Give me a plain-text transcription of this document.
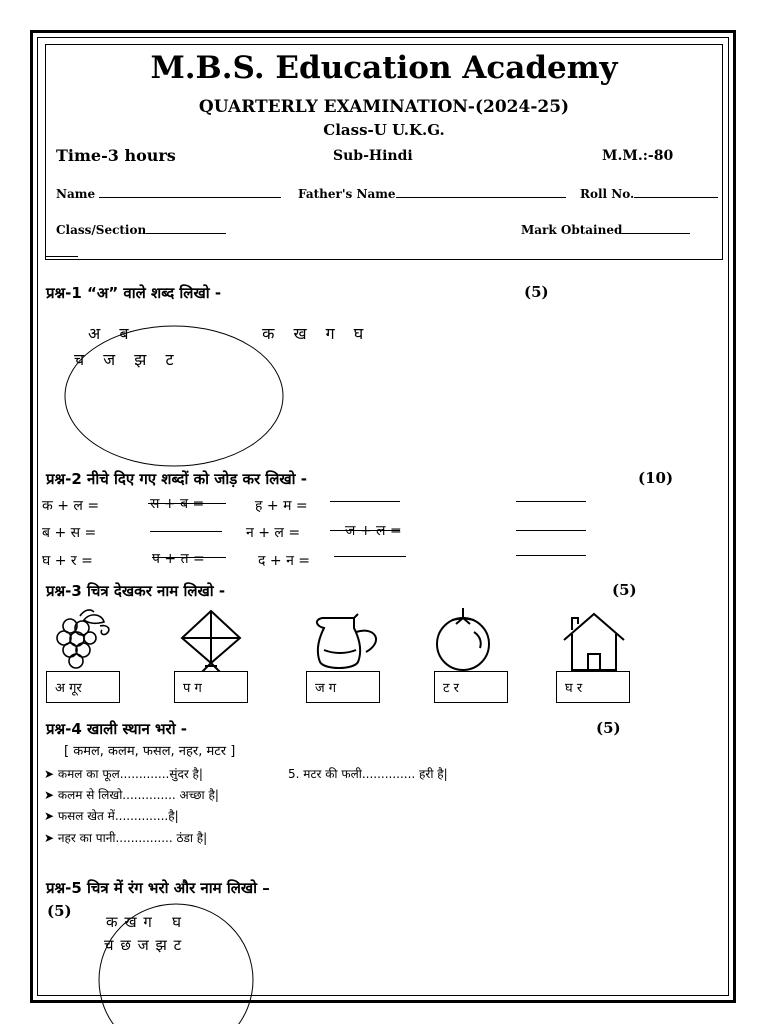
M.B.S. Education Academy
QUARTERLY EXAMINATION-(2024-25)
Class-U U.K.G.
Time-3 hours	Sub-Hindi	M.M.:-80
Name	Father's Name	Roll No.
Class/Section	Mark Obtained
प्रश्न-1 “अ” वाले शब्द लिखो -	(5)
अ ब	क ख ग घ
च ज झ ट
प्रश्न-2 नीचे दिए गए शब्दों को जोड़ कर लिखो -	(10)
क + ल =	स + ब =	ह + म =
ब + स =	न + ल =	ज + ल =
घ + र =	प + त =	द + न =
प्रश्न-3 चित्र देखकर नाम लिखो -	(5)
अ गूर	प ग	ज ग	ट र	घ र
प्रश्न-4 खाली स्थान भरो -	(5)
[ कमल, कलम, फसल, नहर, मटर ]
➤ कमल का फूल.............सुंदर है|	5. मटर की फली.............. हरी है|
➤ कलम से लिखो.............. अच्छा है|
➤ फसल खेत में..............है|
➤ नहर का पानी............... ठंडा है|
प्रश्न-5 चित्र में रंग भरो और नाम लिखो –
(5)
क ख ग घ
च छ ज झ ट
